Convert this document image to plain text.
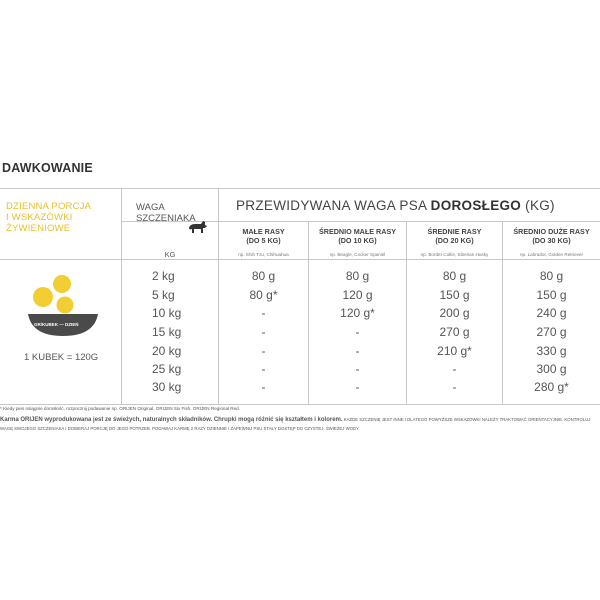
DAWKOWANIE
DZIENNA PORCJA
I WSKAZÓWKI
ŻYWIENIOWE
WAGA
SZCZENIAKA
PRZEWIDYWANA WAGA PSA DOROSŁEGO (KG)
MAŁE RASY
(DO 5 KG)
ŚREDNIO MAŁE RASY
(DO 10 KG)
ŚREDNIE RASY
(DO 20 KG)
ŚREDNIO DUŻE RASY
(DO 30 KG)
KG	np. Shih Tzu, Chihuahua	np. Beagle, Cocker Spaniel	np. Border Collie, Siberian Husky	np. Labrador, Golden Retriever
GR/KUBEK — DZIEŃ
1 KUBEK = 120G
2 kg	80 g	80 g	80 g	80 g
5 kg	80 g*	120 g	150 g	150 g
10 kg	-	120 g*	200 g	240 g
15 kg	-	-	270 g	270 g
20 kg	-	-	210 g*	330 g
25 kg	-	-	-	300 g
30 kg	-	-	-	280 g*
* Kiedy pies osiągnie dorosłość, rozpocznij podawanie np. ORIJEN Original, ORIJEN Six Fish, ORIJEN Regional Red.
Karma ORIJEN wyprodukowana jest ze świeżych, naturalnych składników. Chrupki mogą różnić się kształtem i kolorem. KAŻDE SZCZENIĘ JEST INNE I DLATEGO POWYŻSZE WSKAZÓWKI NALEŻY TRAKTOWAĆ ORIENTACYJNIE. KONTROLUJ WAGĘ SWOJEGO SZCZENIAKA I DOBIERAJ PORCJĘ DO JEGO POTRZEB. PODAWAJ KARMĘ 2 RAZY DZIENNIE I ZAPEWNIJ PSU STAŁY DOSTĘP DO CZYSTEJ, ŚWIEŻEJ WODY.
